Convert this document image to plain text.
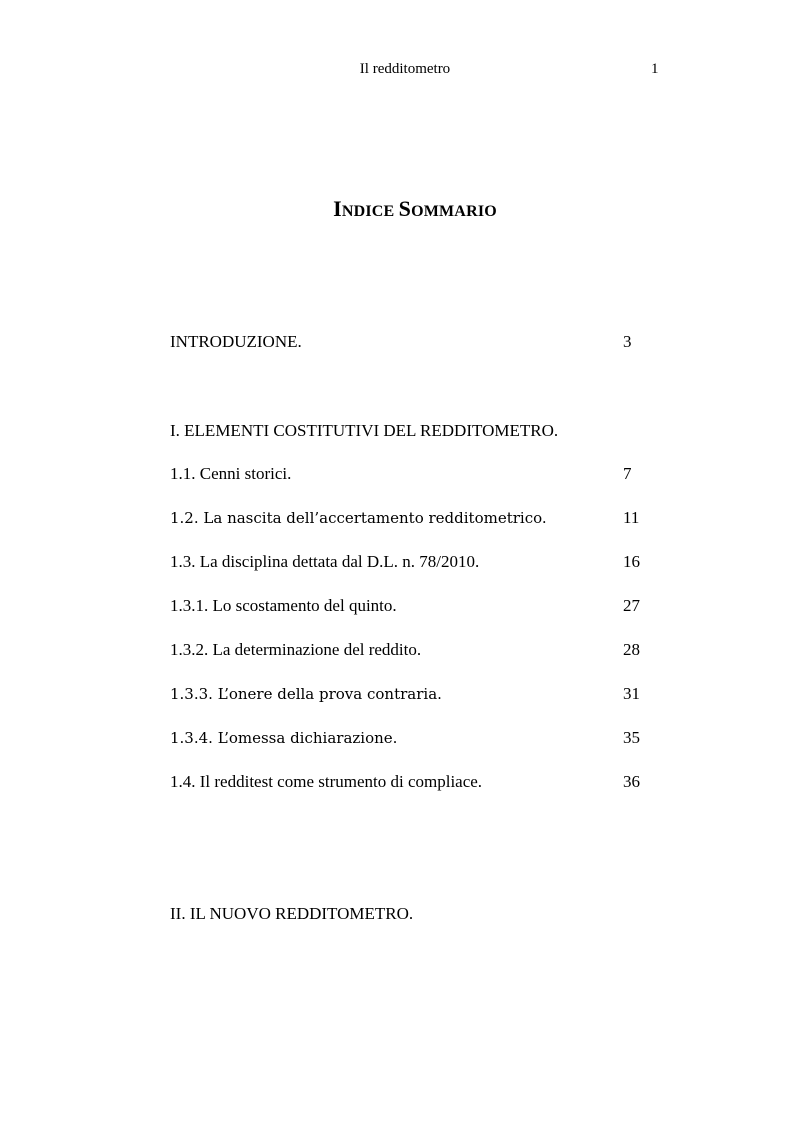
Il redditometro	1
INDICE SOMMARIO
INTRODUZIONE.	3
I. ELEMENTI COSTITUTIVI DEL REDDITOMETRO.
1.1. Cenni storici.	7
1.2. La nascita dell’accertamento redditometrico.	11
1.3. La disciplina dettata dal D.L. n. 78/2010.	16
1.3.1. Lo scostamento del quinto.	27
1.3.2. La determinazione del reddito.	28
1.3.3. L’onere della prova contraria.	31
1.3.4. L’omessa dichiarazione.	35
1.4. Il redditest come strumento di compliace.	36
II. IL NUOVO REDDITOMETRO.
